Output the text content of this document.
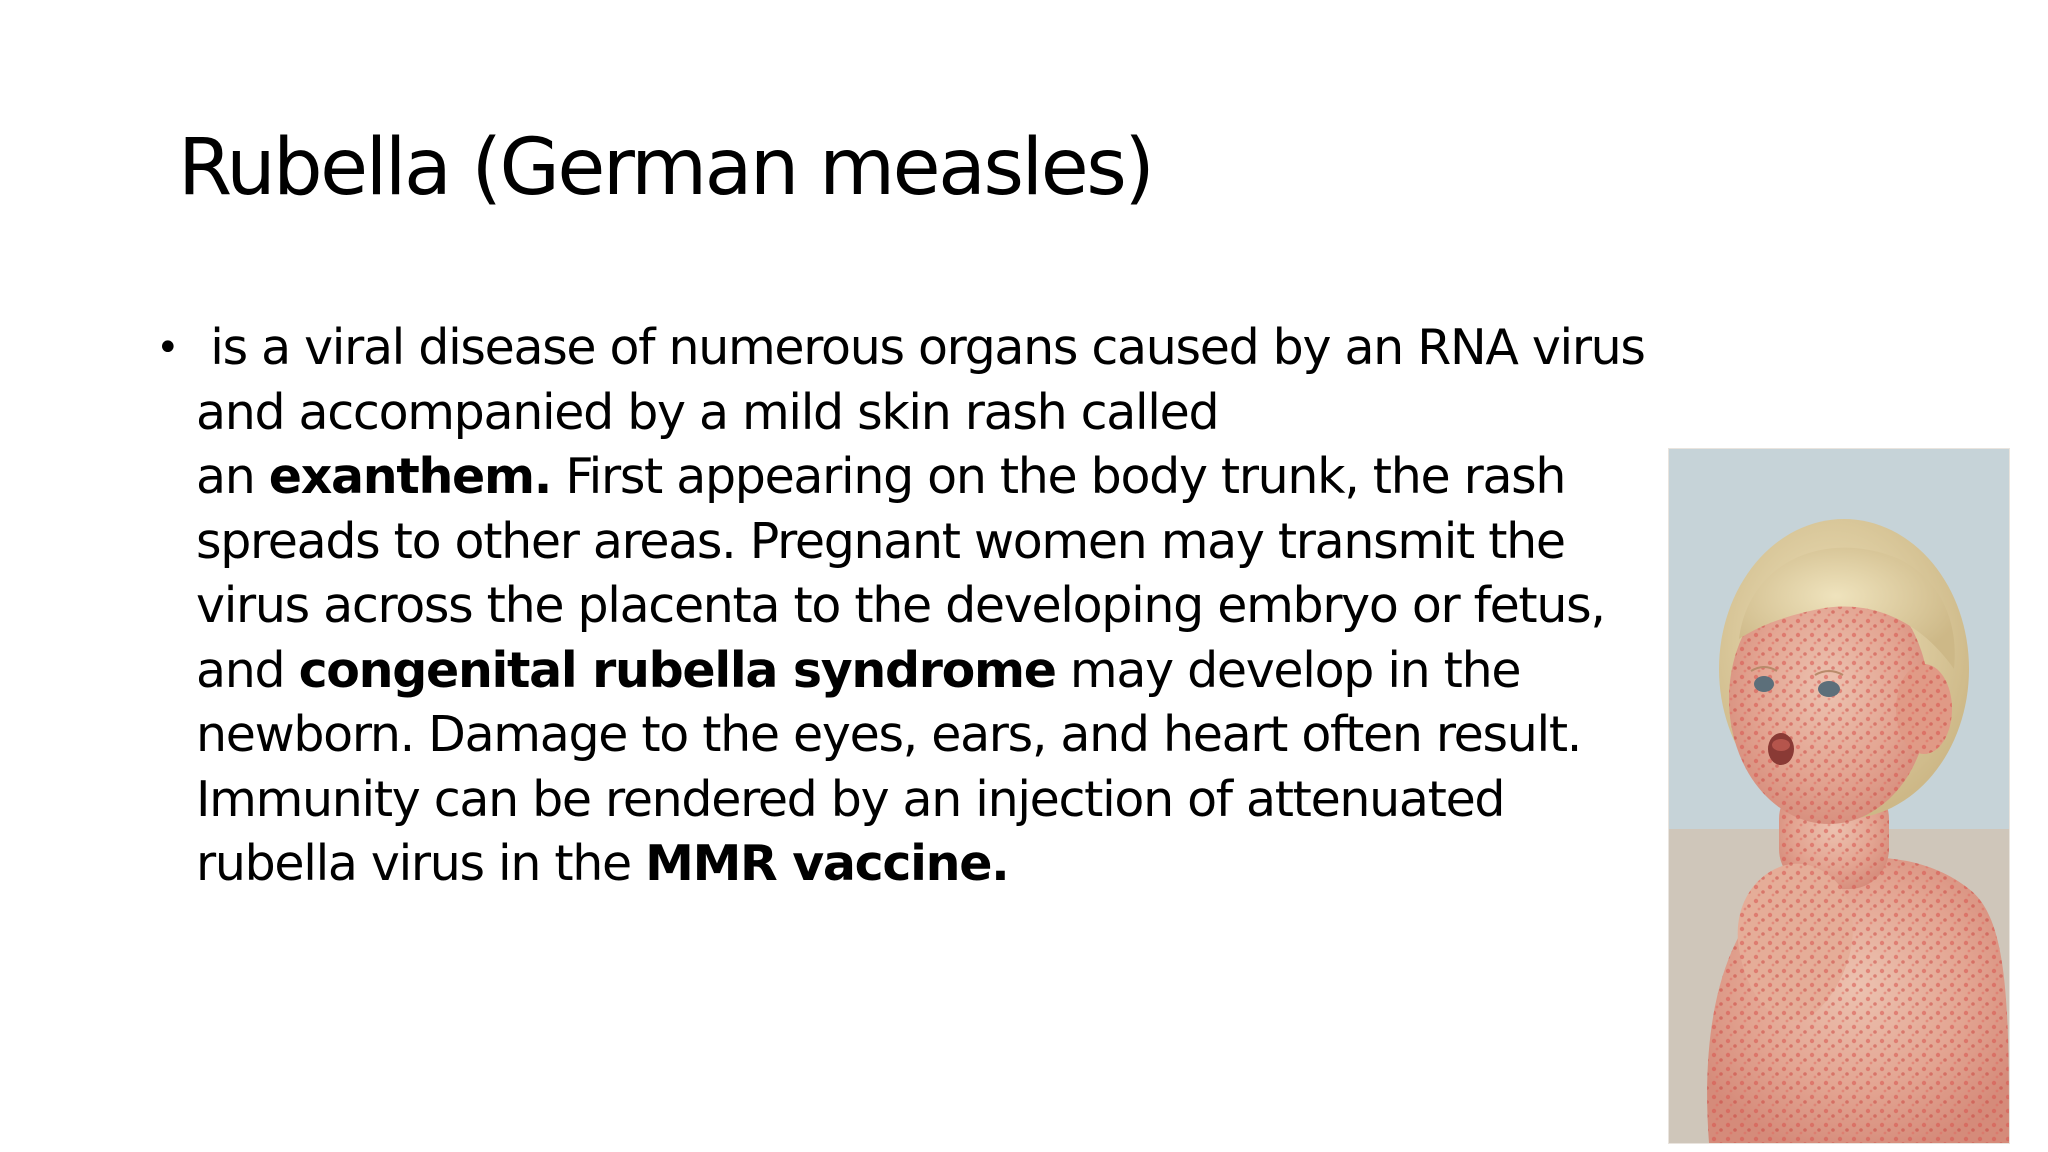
Rubella (German measles)
• is a viral disease of numerous organs caused by an RNA virus
and accompanied by a mild skin rash called
an exanthem. First appearing on the body trunk, the rash
spreads to other areas. Pregnant women may transmit the
virus across the placenta to the developing embryo or fetus,
and congenital rubella syndrome may develop in the
newborn. Damage to the eyes, ears, and heart often result.
Immunity can be rendered by an injection of attenuated
rubella virus in the MMR vaccine.
